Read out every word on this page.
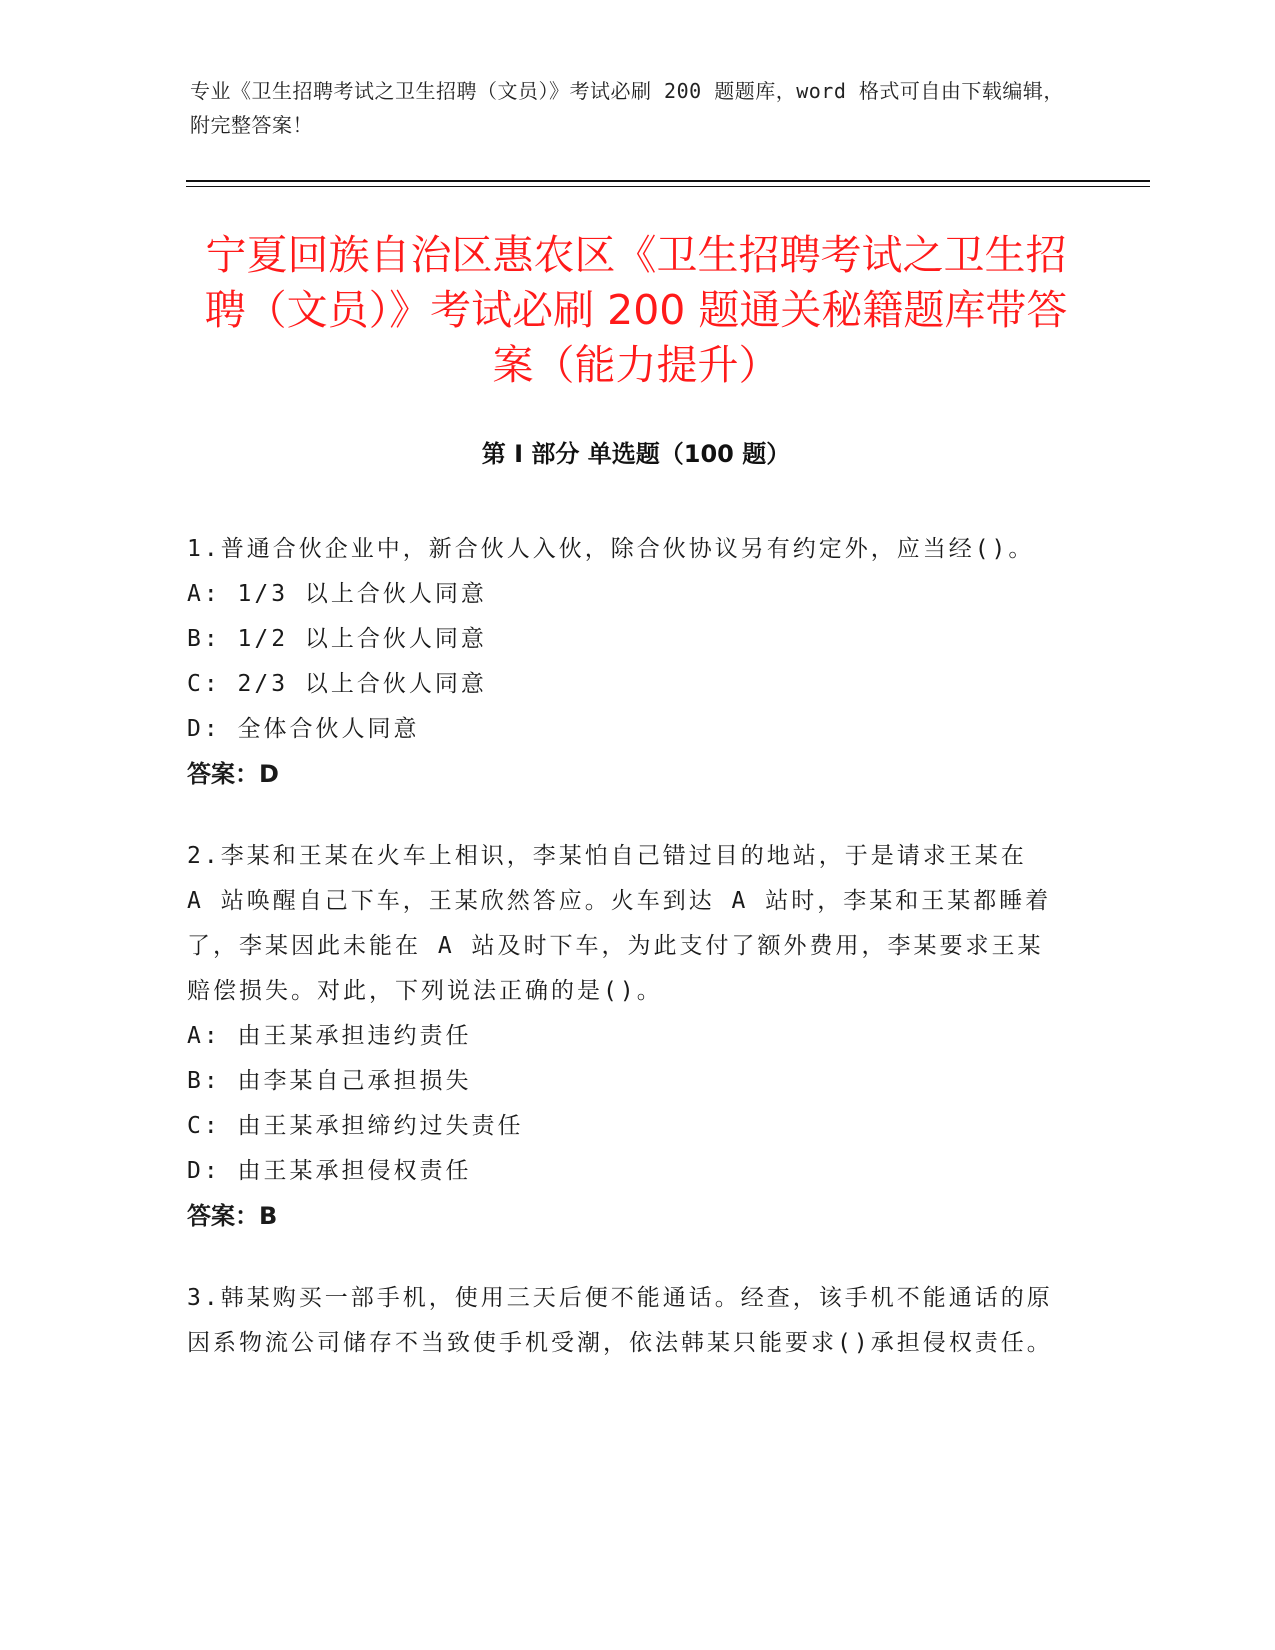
专业《卫生招聘考试之卫生招聘（文员）》考试必刷 200 题题库，word 格式可自由下载编辑，附完整答案！
宁夏回族自治区惠农区《卫生招聘考试之卫生招聘（文员）》考试必刷 200 题通关秘籍题库带答案（能力提升）
第 I 部分 单选题（100 题）

1.普通合伙企业中，新合伙人入伙，除合伙协议另有约定外，应当经()。

A: 1/3 以上合伙人同意

B: 1/2 以上合伙人同意

C: 2/3 以上合伙人同意

D: 全体合伙人同意

答案：D

2.李某和王某在火车上相识，李某怕自己错过目的地站，于是请求王某在 A 站唤醒自己下车，王某欣然答应。火车到达 A 站时，李某和王某都睡着了，李某因此未能在 A 站及时下车，为此支付了额外费用，李某要求王某赔偿损失。对此，下列说法正确的是()。

A: 由王某承担违约责任

B: 由李某自己承担损失

C: 由王某承担缔约过失责任

D: 由王某承担侵权责任

答案：B

3.韩某购买一部手机，使用三天后便不能通话。经查，该手机不能通话的原因系物流公司储存不当致使手机受潮，依法韩某只能要求()承担侵权责任。
